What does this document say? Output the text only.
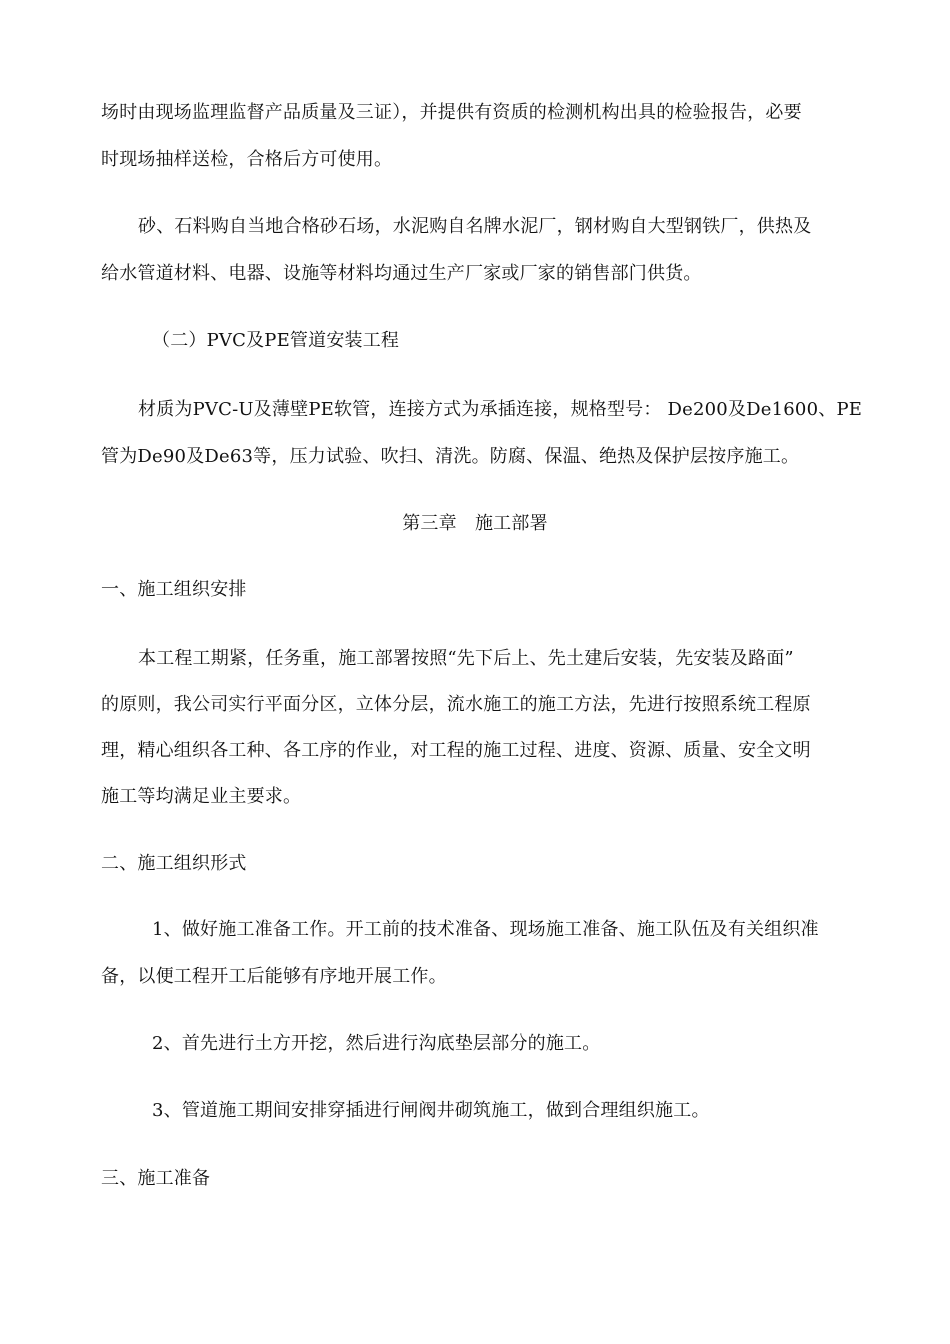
场时由现场监理监督产品质量及三证），并提供有资质的检测机构出具的检验报告，必要
时现场抽样送检，合格后方可使用。
砂、石料购自当地合格砂石场，水泥购自名牌水泥厂，钢材购自大型钢铁厂，供热及
给水管道材料、电器、设施等材料均通过生产厂家或厂家的销售部门供货。
（二）PVC及PE管道安装工程
材质为PVC-U及薄壁PE软管，连接方式为承插连接，规格型号： De200及De1600、PE
管为De90及De63等，压力试验、吹扫、清洗。防腐、保温、绝热及保护层按序施工。
第三章　施工部署
一、施工组织安排
本工程工期紧，任务重，施工部署按照“先下后上、先土建后安装，先安装及路面”
的原则，我公司实行平面分区，立体分层，流水施工的施工方法，先进行按照系统工程原
理，精心组织各工种、各工序的作业，对工程的施工过程、进度、资源、质量、安全文明
施工等均满足业主要求。
二、施工组织形式
1、做好施工准备工作。开工前的技术准备、现场施工准备、施工队伍及有关组织准
备，以便工程开工后能够有序地开展工作。
2、首先进行土方开挖，然后进行沟底垫层部分的施工。
3、管道施工期间安排穿插进行闸阀井砌筑施工，做到合理组织施工。
三、施工准备
